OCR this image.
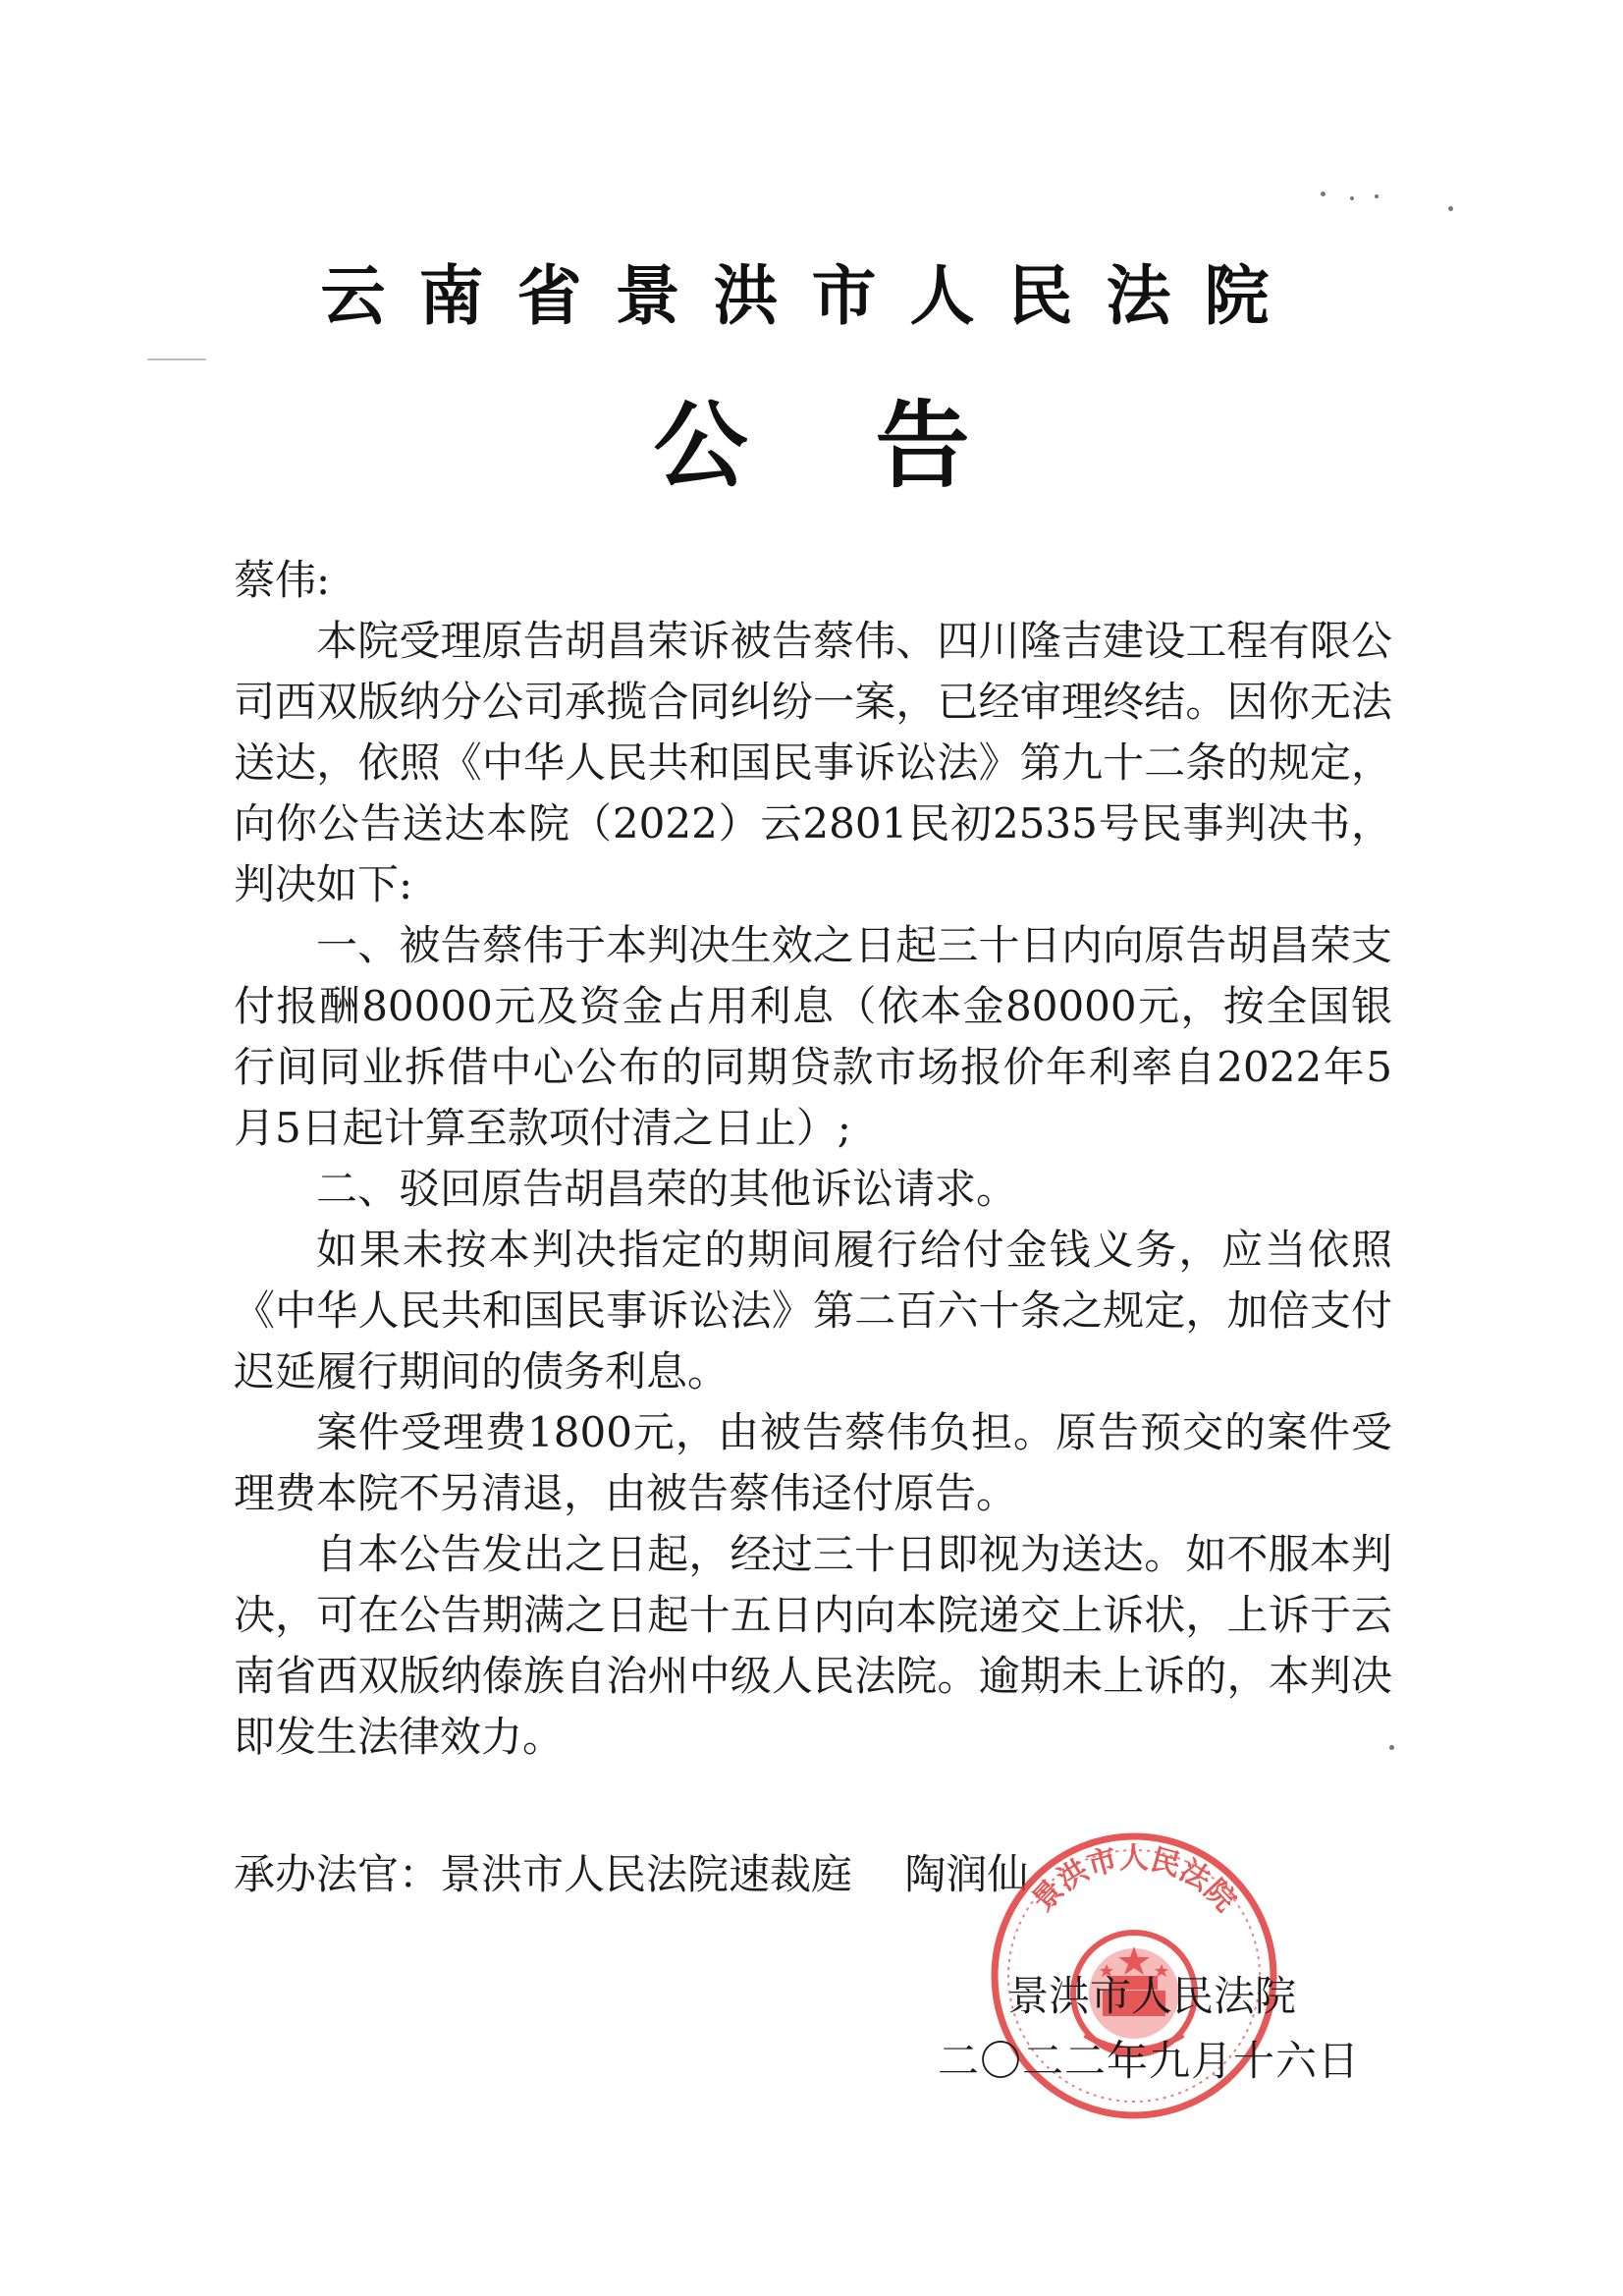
云南省景洪市人民法院
公告

蔡伟:

本院受理原告胡昌荣诉被告蔡伟、四川隆吉建设工程有限公司西双版纳分公司承揽合同纠纷一案，已经审理终结。因你无法送达，依照《中华人民共和国民事诉讼法》第九十二条的规定，向你公告送达本院（2022）云2801民初2535号民事判决书，判决如下:

一、被告蔡伟于本判决生效之日起三十日内向原告胡昌荣支付报酬80000元及资金占用利息（依本金80000元，按全国银行间同业拆借中心公布的同期贷款市场报价年利率自2022年5月5日起计算至款项付清之日止）;

二、驳回原告胡昌荣的其他诉讼请求。

如果未按本判决指定的期间履行给付金钱义务，应当依照《中华人民共和国民事诉讼法》第二百六十条之规定，加倍支付迟延履行期间的债务利息。

案件受理费1800元，由被告蔡伟负担。原告预交的案件受理费本院不另清退，由被告蔡伟迳付原告。

自本公告发出之日起，经过三十日即视为送达。如不服本判决，可在公告期满之日起十五日内向本院递交上诉状，上诉于云南省西双版纳傣族自治州中级人民法院。逾期未上诉的，本判决即发生法律效力。

承办法官：景洪市人民法院速裁庭    陶润仙
景洪市人民法院
景洪市人民法院
二〇二二年九月十六日
